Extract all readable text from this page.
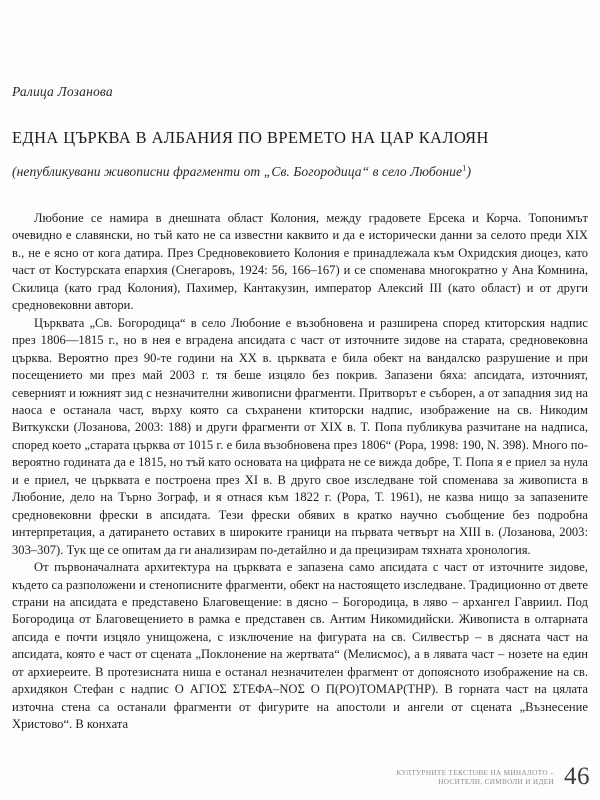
Ралица Лозанова
ЕДНА ЦЪРКВА В АЛБАНИЯ ПО ВРЕМЕТО НА ЦАР КАЛОЯН
(непубликувани живописни фрагменти от „Св. Богородица“ в село Любоние$^1$)

Любоние се намира в днешната област Колония, между градовете Ерсека и Корча. Топонимът очевидно е славянски, но тъй като не са известни каквито и да е исторически данни за селото преди XIX в., не е ясно от кога датира. През Средновековието Колония е принадлежала към Охридския диоцез, като част от Костурската епархия (Снегаровъ, 1924: 56, 166–167) и се споменава многократно у Ана Комнина, Скилица (като град Колония), Пахимер, Кантакузин, император Алексий III (като област) и от други средновековни автори.

Църквата „Св. Богородица“ в село Любоние е възобновена и разширена според ктиторския надпис през 1806––1815 г., но в нея е вградена апсидата с част от източните зидове на старата, средновековна църква. Вероятно през 90-те години на ХХ в. църквата е била обект на вандалско разрушение и при посещението ми през май 2003 г. тя беше изцяло без покрив. Запазени бяха: апсидата, източният, северният и южният зид с незначителни живописни фрагменти. Притворът е съборен, а от западния зид на наоса е останала част, върху която са съхранени ктиторски надпис, изображение на св. Никодим Виткукски (Лозанова, 2003: 188) и други фрагменти от XIX в. Т. Попа публикува разчитане на надписа, според което „старата църква от 1015 г. е била възобновена през 1806“ (Рора, 1998: 190, N. 398). Много по-вероятно годината да е 1815, но тъй като основата на цифрата не се вижда добре, Т. Попа я е приел за нула и е приел, че църквата е построена през XI в. В друго свое изследване той споменава за живописта в Любоние, дело на Търно Зограф, и я отнася към 1822 г. (Рора, Т. 1961), не казва нищо за запазените средновековни фрески в апсидата. Тези фрески обявих в кратко научно съобщение без подробна интерпретация, а датирането оставих в широките граници на първата четвърт на XIII в. (Лозанова, 2003: 303–307). Тук ще се опитам да ги анализирам по-детайлно и да прецизирам тяхната хронология.

От първоначалната архитектура на църквата е запазена само апсидата с част от източните зидове, където са разположени и стенописните фрагменти, обект на настоящето изследване. Традиционно от двете страни на апсидата е представено Благовещение: в дясно – Богородица, в ляво – архангел Гавриил. Под Богородица от Благовещението в рамка е представен св. Антим Никомидийски. Живописта в олтарната апсида е почти изцяло унищожена, с изключение на фигурата на св. Силвестър – в дясната част на апсидата, която е част от сцената „Поклонение на жертвата“ (Мелисмос), а в лявата част – нозете на един от архиереите. В протезисната ниша е останал незначителен фрагмент от допоясното изображение на св. архидякон Стефан с надпис О ΑΓΙΟΣ ΣΤΕΦΑ–ΝΟΣ Ο Π(ΡΟ)ΤΟΜΑΡ(ΤΗΡ). В горната част на цялата източна стена са останали фрагменти от фигурите на апостоли и ангели от сцената „Възнесение Христово“. В конхата

КУЛТУРНИТЕ ТЕКСТОВЕ НА МИНАЛОТО –
НОСИТЕЛИ, СИМВОЛИ И ИДЕИ 46
